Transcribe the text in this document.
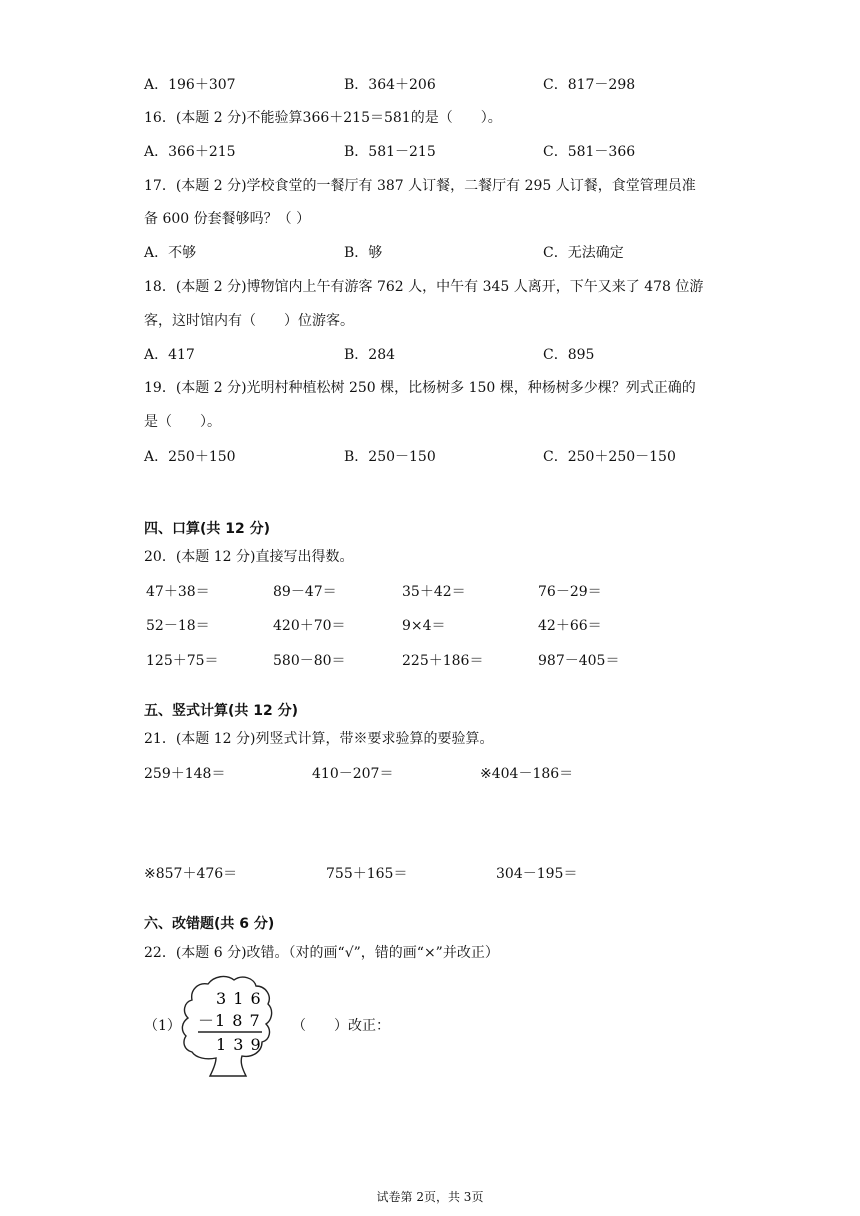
A．196＋307	B．364＋206	C．817－298
16．(本题 2 分)不能验算366＋215＝581的是（　　）。
A．366＋215	B．581－215	C．581－366
17．(本题 2 分)学校食堂的一餐厅有 387 人订餐，二餐厅有 295 人订餐，食堂管理员准
备 600 份套餐够吗？（ ）
A．不够	B．够	C．无法确定
18．(本题 2 分)博物馆内上午有游客 762 人，中午有 345 人离开，下午又来了 478 位游
客，这时馆内有（　　）位游客。
A．417	B．284	C．895
19．(本题 2 分)光明村种植松树 250 棵，比杨树多 150 棵，种杨树多少棵？列式正确的
是（　　）。
A．250＋150	B．250－150	C．250＋250－150
四、口算(共 12 分)
20．(本题 12 分)直接写出得数。
47＋38＝	89－47＝	35＋42＝	76－29＝
52－18＝	420＋70＝	9×4＝	42＋66＝
125＋75＝	580－80＝	225＋186＝	987－405＝
五、竖式计算(共 12 分)
21．(本题 12 分)列竖式计算，带※要求验算的要验算。
259＋148＝	410－207＝	※404－186＝
※857＋476＝	755＋165＝	304－195＝
六、改错题(共 6 分)
22．(本题 6 分)改错。（对的画“√”，错的画“×”并改正）
（1）
3 1 6
－1 8 7
1 3 9
（　　）改正：
试卷第 2页，共 3页
